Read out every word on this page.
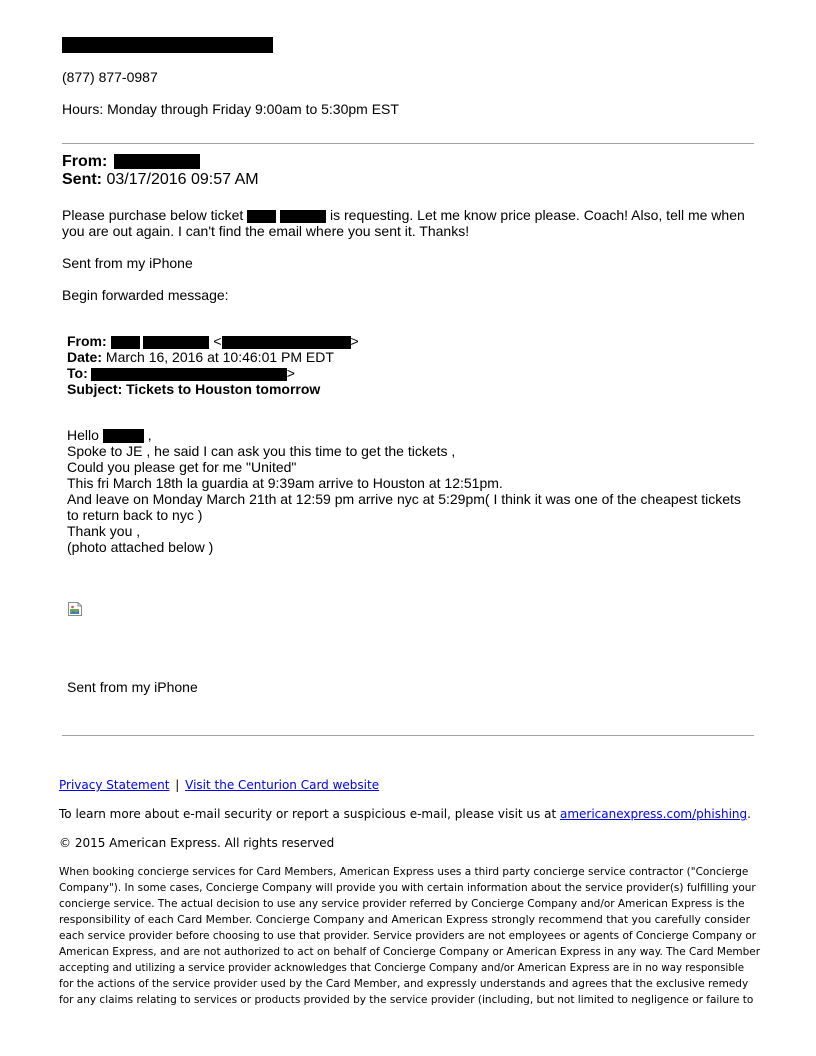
(877) 877-0987
Hours: Monday through Friday 9:00am to 5:30pm EST
From:
Sent: 03/17/2016 09:57 AM
Please purchase below ticket	is requesting. Let me know price please. Coach! Also, tell me when
you are out again. I can't find the email where you sent it. Thanks!
Sent from my iPhone
Begin forwarded message:
From:	<	>
Date: March 16, 2016 at 10:46:01 PM EDT
To:	>
Subject: Tickets to Houston tomorrow
Hello	,
Spoke to JE , he said I can ask you this time to get the tickets ,
Could you please get for me "United"
This fri March 18th la guardia at 9:39am arrive to Houston at 12:51pm.
And leave on Monday March 21th at 12:59 pm arrive nyc at 5:29pm( I think it was one of the cheapest tickets
to return back to nyc )
Thank you ,
(photo attached below )
Sent from my iPhone
Privacy Statement | Visit the Centurion Card website
To learn more about e-mail security or report a suspicious e-mail, please visit us at americanexpress.com/phishing.
© 2015 American Express. All rights reserved
When booking concierge services for Card Members, American Express uses a third party concierge service contractor ("Concierge
Company"). In some cases, Concierge Company will provide you with certain information about the service provider(s) fulfilling your
concierge service. The actual decision to use any service provider referred by Concierge Company and/or American Express is the
responsibility of each Card Member. Concierge Company and American Express strongly recommend that you carefully consider
each service provider before choosing to use that provider. Service providers are not employees or agents of Concierge Company or
American Express, and are not authorized to act on behalf of Concierge Company or American Express in any way. The Card Member
accepting and utilizing a service provider acknowledges that Concierge Company and/or American Express are in no way responsible
for the actions of the service provider used by the Card Member, and expressly understands and agrees that the exclusive remedy
for any claims relating to services or products provided by the service provider (including, but not limited to negligence or failure to
